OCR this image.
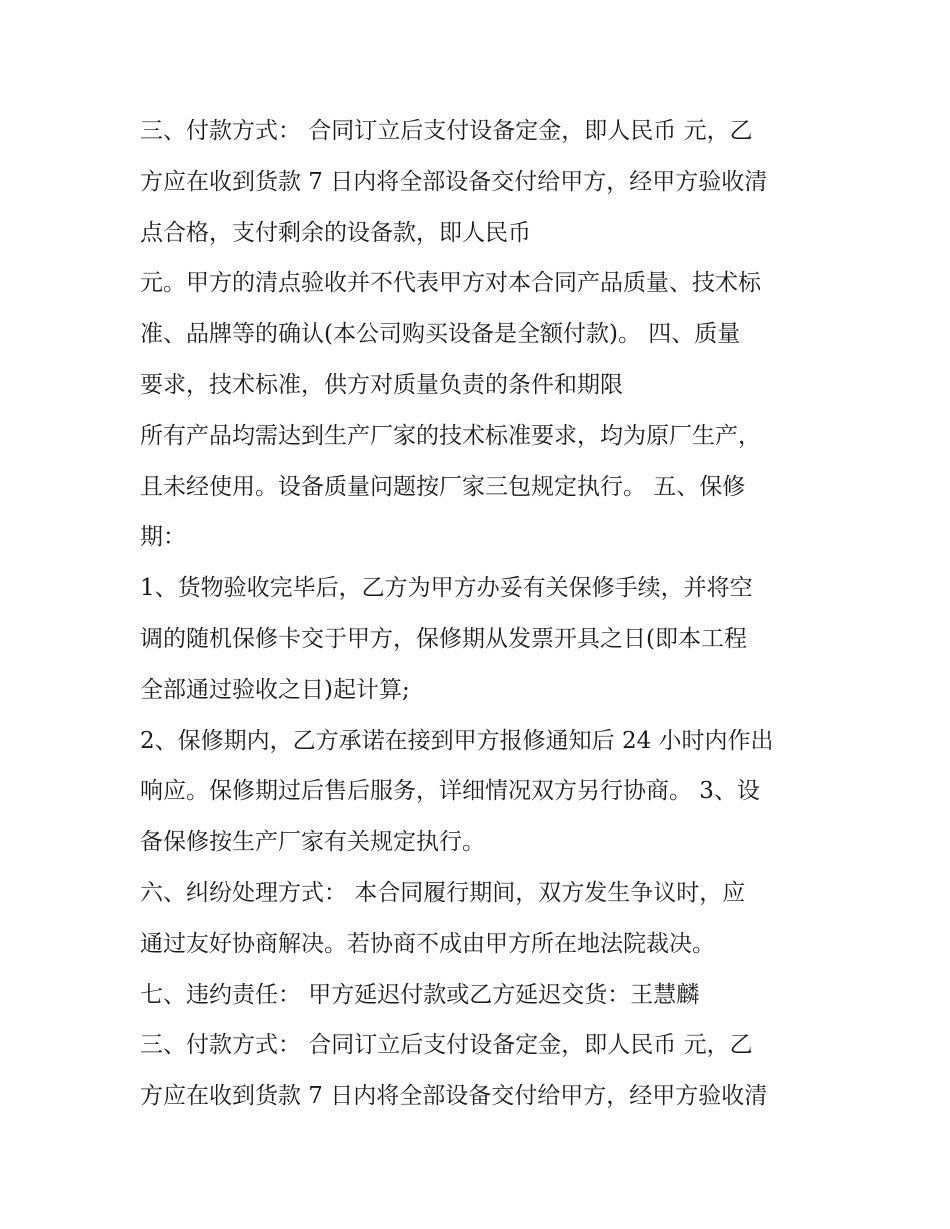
三、付款方式： 合同订立后支付设备定金，即人民币 元，乙
方应在收到货款 7 日内将全部设备交付给甲方，经甲方验收清
点合格，支付剩余的设备款，即人民币
元。甲方的清点验收并不代表甲方对本合同产品质量、技术标
准、品牌等的确认(本公司购买设备是全额付款)。 四、质量
要求，技术标准，供方对质量负责的条件和期限
所有产品均需达到生产厂家的技术标准要求，均为原厂生产，
且未经使用。设备质量问题按厂家三包规定执行。 五、保修
期：
1、货物验收完毕后，乙方为甲方办妥有关保修手续，并将空
调的随机保修卡交于甲方，保修期从发票开具之日(即本工程
全部通过验收之日)起计算;
2、保修期内，乙方承诺在接到甲方报修通知后 24 小时内作出
响应。保修期过后售后服务，详细情况双方另行协商。 3、设
备保修按生产厂家有关规定执行。
六、纠纷处理方式： 本合同履行期间，双方发生争议时，应
通过友好协商解决。若协商不成由甲方所在地法院裁决。
七、违约责任： 甲方延迟付款或乙方延迟交货：王慧麟
三、付款方式： 合同订立后支付设备定金，即人民币 元，乙
方应在收到货款 7 日内将全部设备交付给甲方，经甲方验收清
